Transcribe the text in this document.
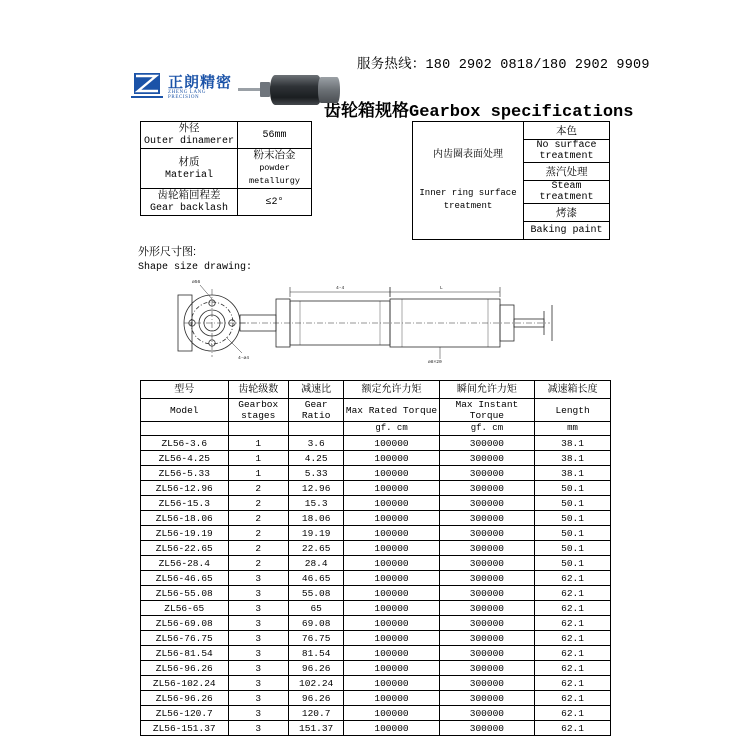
服务热线：180 2902 0818/180 2902 9909
齿轮箱规格Gearbox specifications
正朗精密
ZHENG LANG PRECISION
外径
Outer dinamerer	56mm

材质
Material	粉末冶金
powder metallurgy

齿轮箱回程差
Gear backlash	≤2°
内齿圈表面处理
Inner ring surface treatment
	本色
No surface treatment
蒸汽处理
Steam treatment
烤漆
Baking paint
外形尺寸图:
Shape size drawing:
ø56
4-ø4
4-4	L
ø8×20
型号	齿轮级数	减速比	额定允许力矩	瞬间允许力矩	减速箱长度
Model	Gearbox stages	Gear Ratio	Max Rated Torque	Max Instant Torque	Length
			gf. cm	gf. cm	mm
ZL56-3.6	1	3.6	100000	300000	38.1
ZL56-4.25	1	4.25	100000	300000	38.1
ZL56-5.33	1	5.33	100000	300000	38.1
ZL56-12.96	2	12.96	100000	300000	50.1
ZL56-15.3	2	15.3	100000	300000	50.1
ZL56-18.06	2	18.06	100000	300000	50.1
ZL56-19.19	2	19.19	100000	300000	50.1
ZL56-22.65	2	22.65	100000	300000	50.1
ZL56-28.4	2	28.4	100000	300000	50.1
ZL56-46.65	3	46.65	100000	300000	62.1
ZL56-55.08	3	55.08	100000	300000	62.1
ZL56-65	3	65	100000	300000	62.1
ZL56-69.08	3	69.08	100000	300000	62.1
ZL56-76.75	3	76.75	100000	300000	62.1
ZL56-81.54	3	81.54	100000	300000	62.1
ZL56-96.26	3	96.26	100000	300000	62.1
ZL56-102.24	3	102.24	100000	300000	62.1
ZL56-96.26	3	96.26	100000	300000	62.1
ZL56-120.7	3	120.7	100000	300000	62.1
ZL56-151.37	3	151.37	100000	300000	62.1
